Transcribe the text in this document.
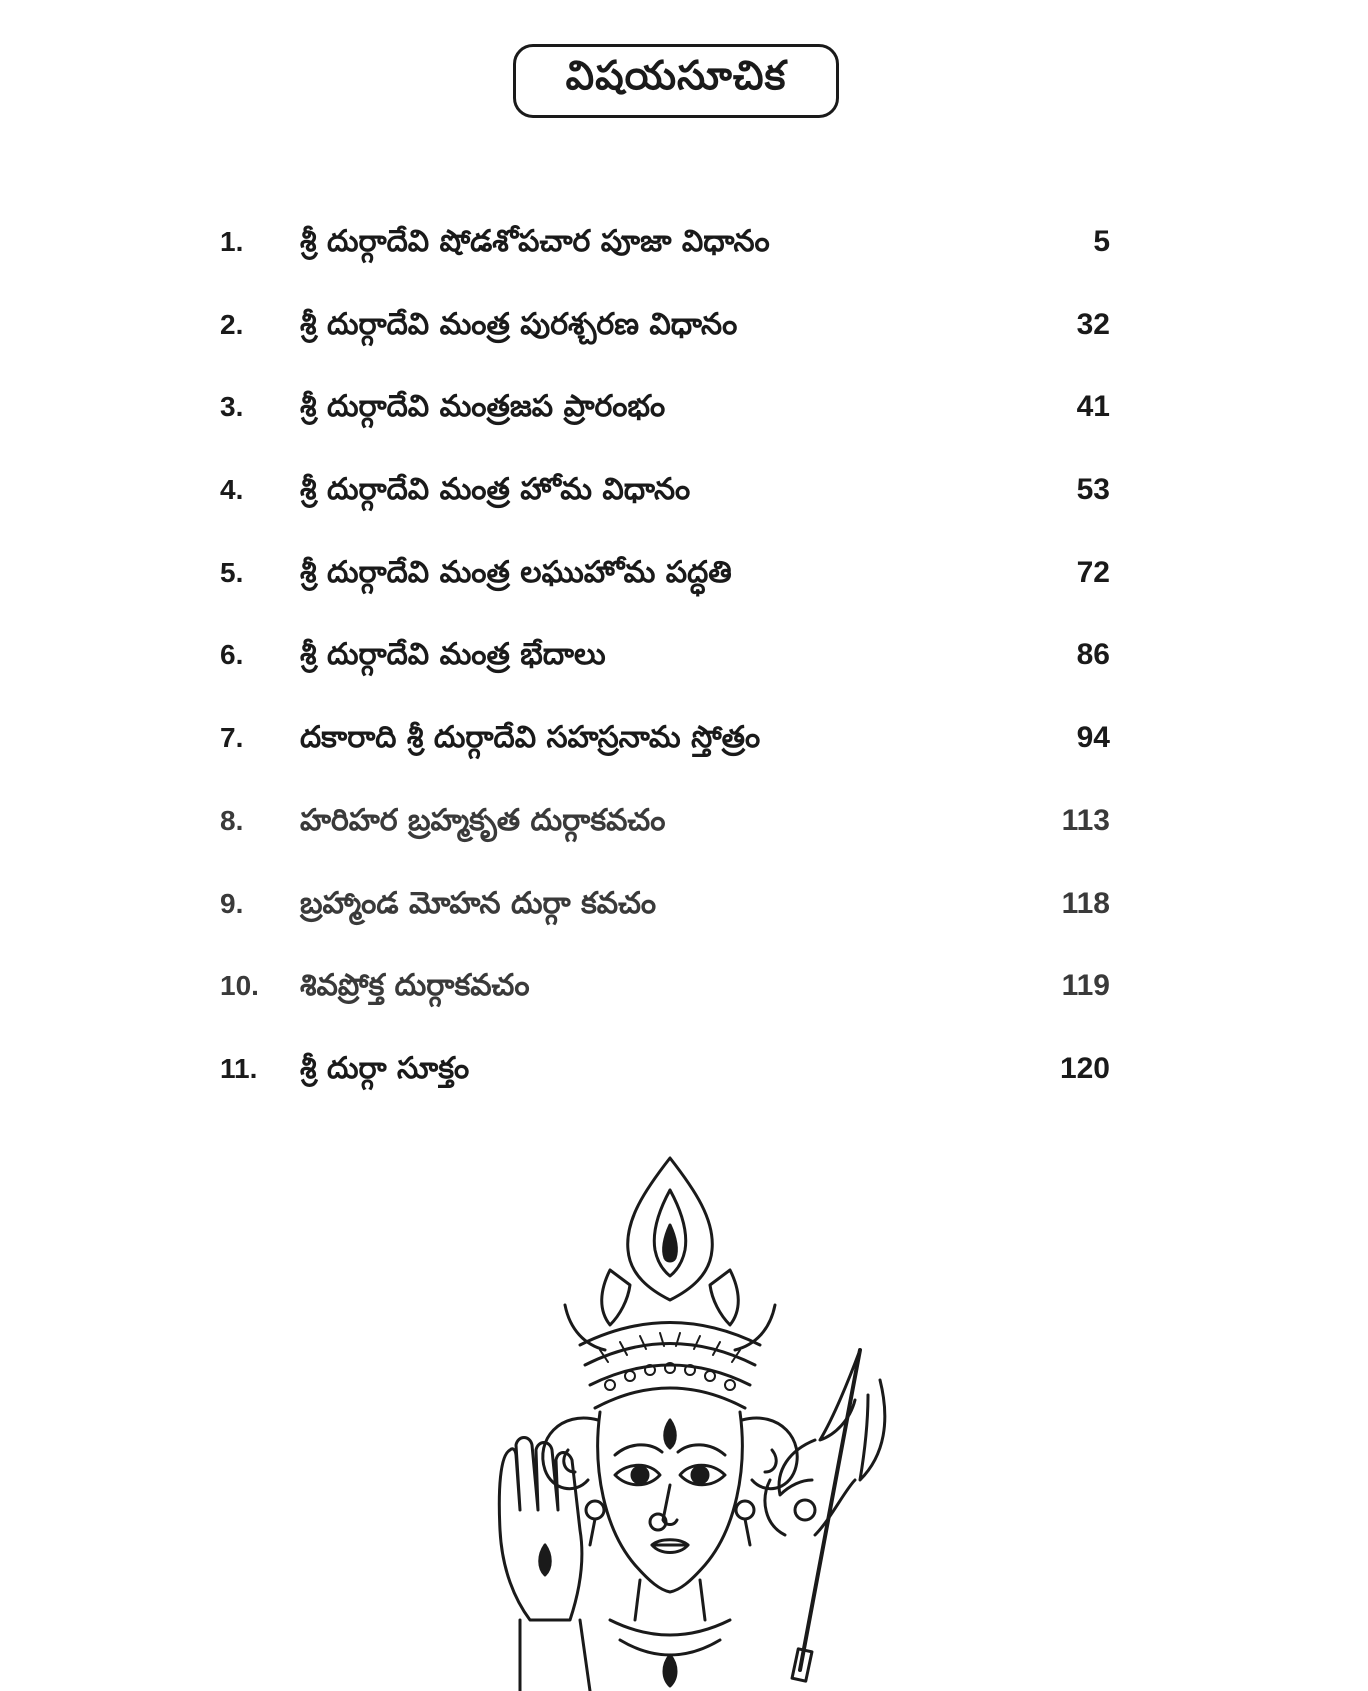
విషయసూచిక
1.	శ్రీ దుర్గాదేవి షోడశోపచార పూజా విధానం	5
2.	శ్రీ దుర్గాదేవి మంత్ర పురశ్చరణ విధానం	32
3.	శ్రీ దుర్గాదేవి మంత్రజప ప్రారంభం	41
4.	శ్రీ దుర్గాదేవి మంత్ర హోమ విధానం	53
5.	శ్రీ దుర్గాదేవి మంత్ర లఘుహోమ పద్ధతి	72
6.	శ్రీ దుర్గాదేవి మంత్ర భేదాలు	86
7.	దకారాది శ్రీ దుర్గాదేవి సహస్రనామ స్తోత్రం	94
8.	హరిహర బ్రహ్మకృత దుర్గాకవచం	113
9.	బ్రహ్మాండ మోహన దుర్గా కవచం	118
10.	శివప్రోక్త దుర్గాకవచం	119
11.	శ్రీ దుర్గా సూక్తం	120
